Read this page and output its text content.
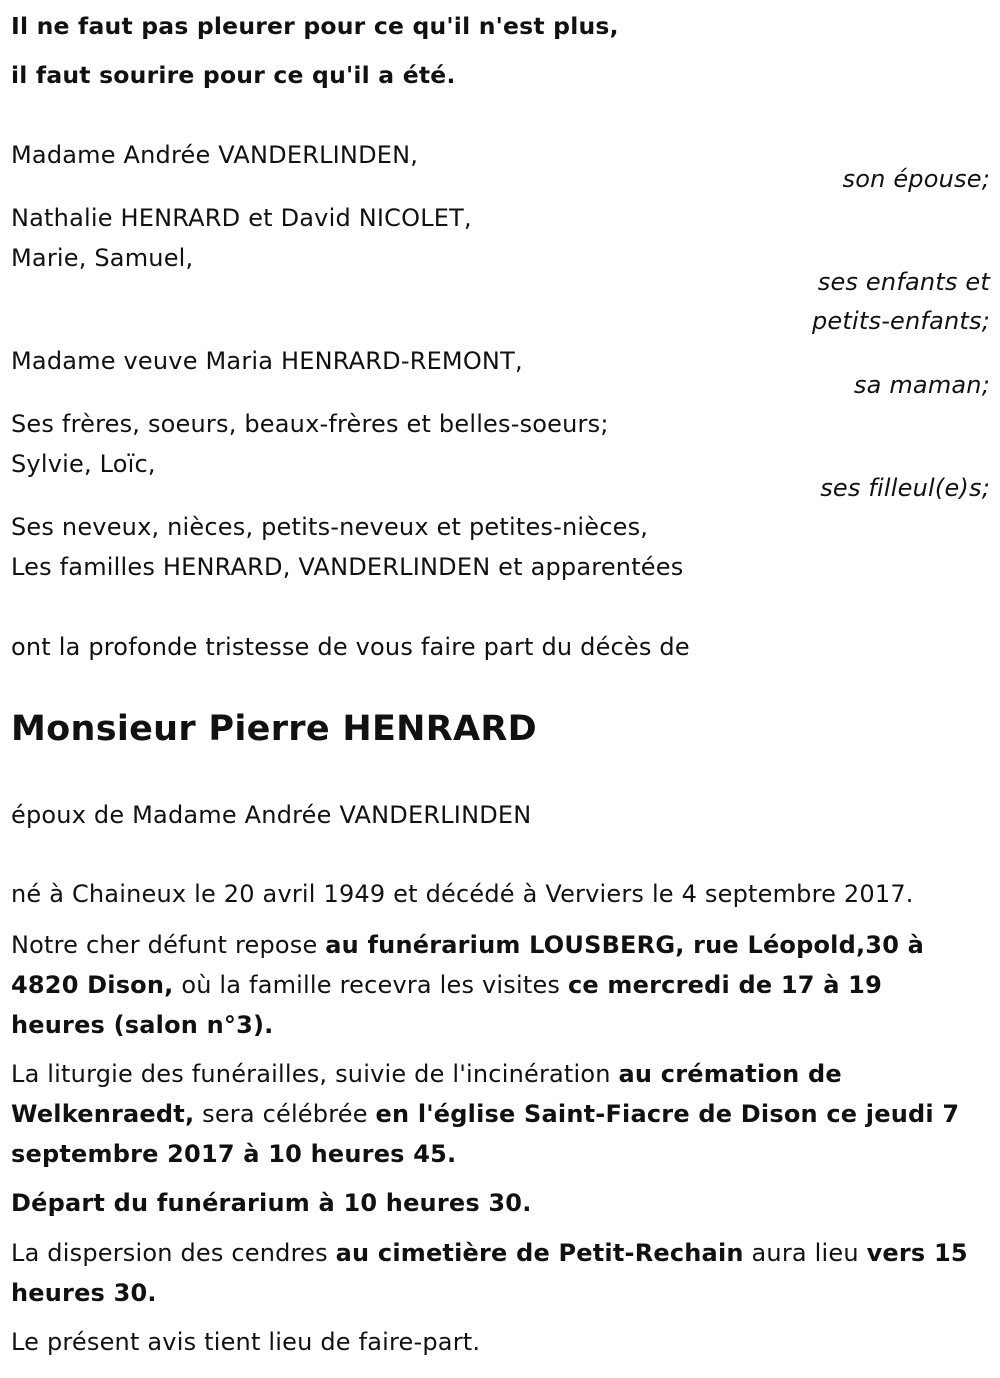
Il ne faut pas pleurer pour ce qu'il n'est plus,

il faut sourire pour ce qu'il a été.

Madame Andrée VANDERLINDEN,

son épouse;

Nathalie HENRARD et David NICOLET,

Marie, Samuel,

ses enfants et

petits-enfants;

Madame veuve Maria HENRARD-REMONT,

sa maman;

Ses frères, soeurs, beaux-frères et belles-soeurs;

Sylvie, Loïc,

ses filleul(e)s;

Ses neveux, nièces, petits-neveux et petites-nièces,

Les familles HENRARD, VANDERLINDEN et apparentées

ont la profonde tristesse de vous faire part du décès de

Monsieur Pierre HENRARD

époux de Madame Andrée VANDERLINDEN

né à Chaineux le 20 avril 1949 et décédé à Verviers le 4 septembre 2017.

Notre cher défunt repose au funérarium LOUSBERG, rue Léopold,30 à 4820 Dison, où la famille recevra les visites ce mercredi de 17 à 19 heures (salon n°3).

La liturgie des funérailles, suivie de l'incinération au crémation de Welkenraedt, sera célébrée en l'église Saint-Fiacre de Dison ce jeudi 7 septembre 2017 à 10 heures 45.

Départ du funérarium à 10 heures 30.

La dispersion des cendres au cimetière de Petit-Rechain aura lieu vers 15 heures 30.

Le présent avis tient lieu de faire-part.
